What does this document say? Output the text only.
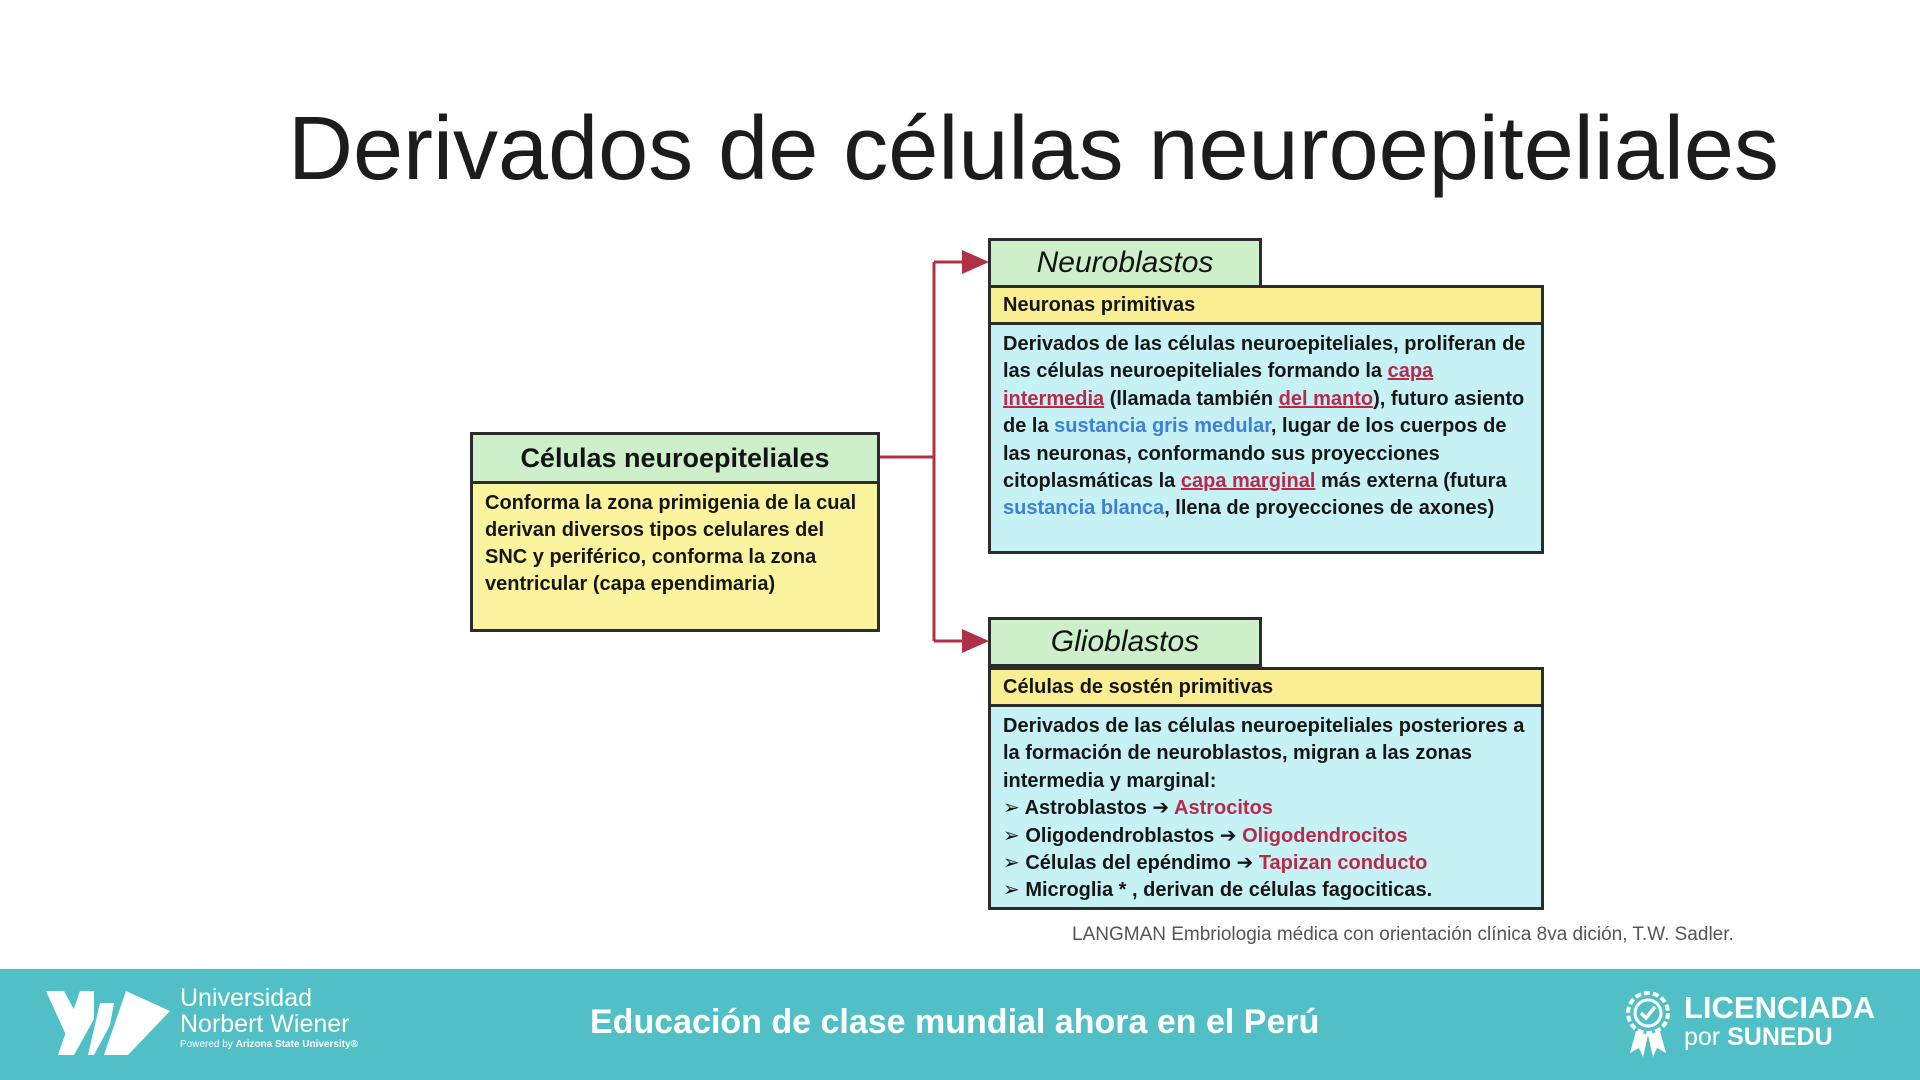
Derivados de células neuroepiteliales
Células neuroepiteliales
Conforma la zona primigenia de la cual derivan diversos tipos celulares del SNC y periférico, conforma la zona ventricular (capa ependimaria)
Neuroblastos
Neuronas primitivas
Derivados de las células neuroepiteliales, proliferan de las células neuroepiteliales formando la capa intermedia (llamada también del manto), futuro asiento de la sustancia gris medular, lugar de los cuerpos de las neuronas, conformando sus proyecciones citoplasmáticas la capa marginal más externa (futura sustancia blanca, llena de proyecciones de axones)
Glioblastos
Células de sostén primitivas
Derivados de las células neuroepiteliales posteriores a la formación de neuroblastos, migran a las zonas intermedia y marginal:
➢ Astroblastos ➔ Astrocitos
➢ Oligodendroblastos ➔ Oligodendrocitos
➢ Células del epéndimo ➔ Tapizan conducto
➢ Microglia * , derivan de células fagociticas.
LANGMAN Embriologia médica con orientación clínica 8va dición, T.W. Sadler.
Universidad
Norbert Wiener
Powered by Arizona State University®
Educación de clase mundial ahora en el Perú	LICENCIADA
por SUNEDU
